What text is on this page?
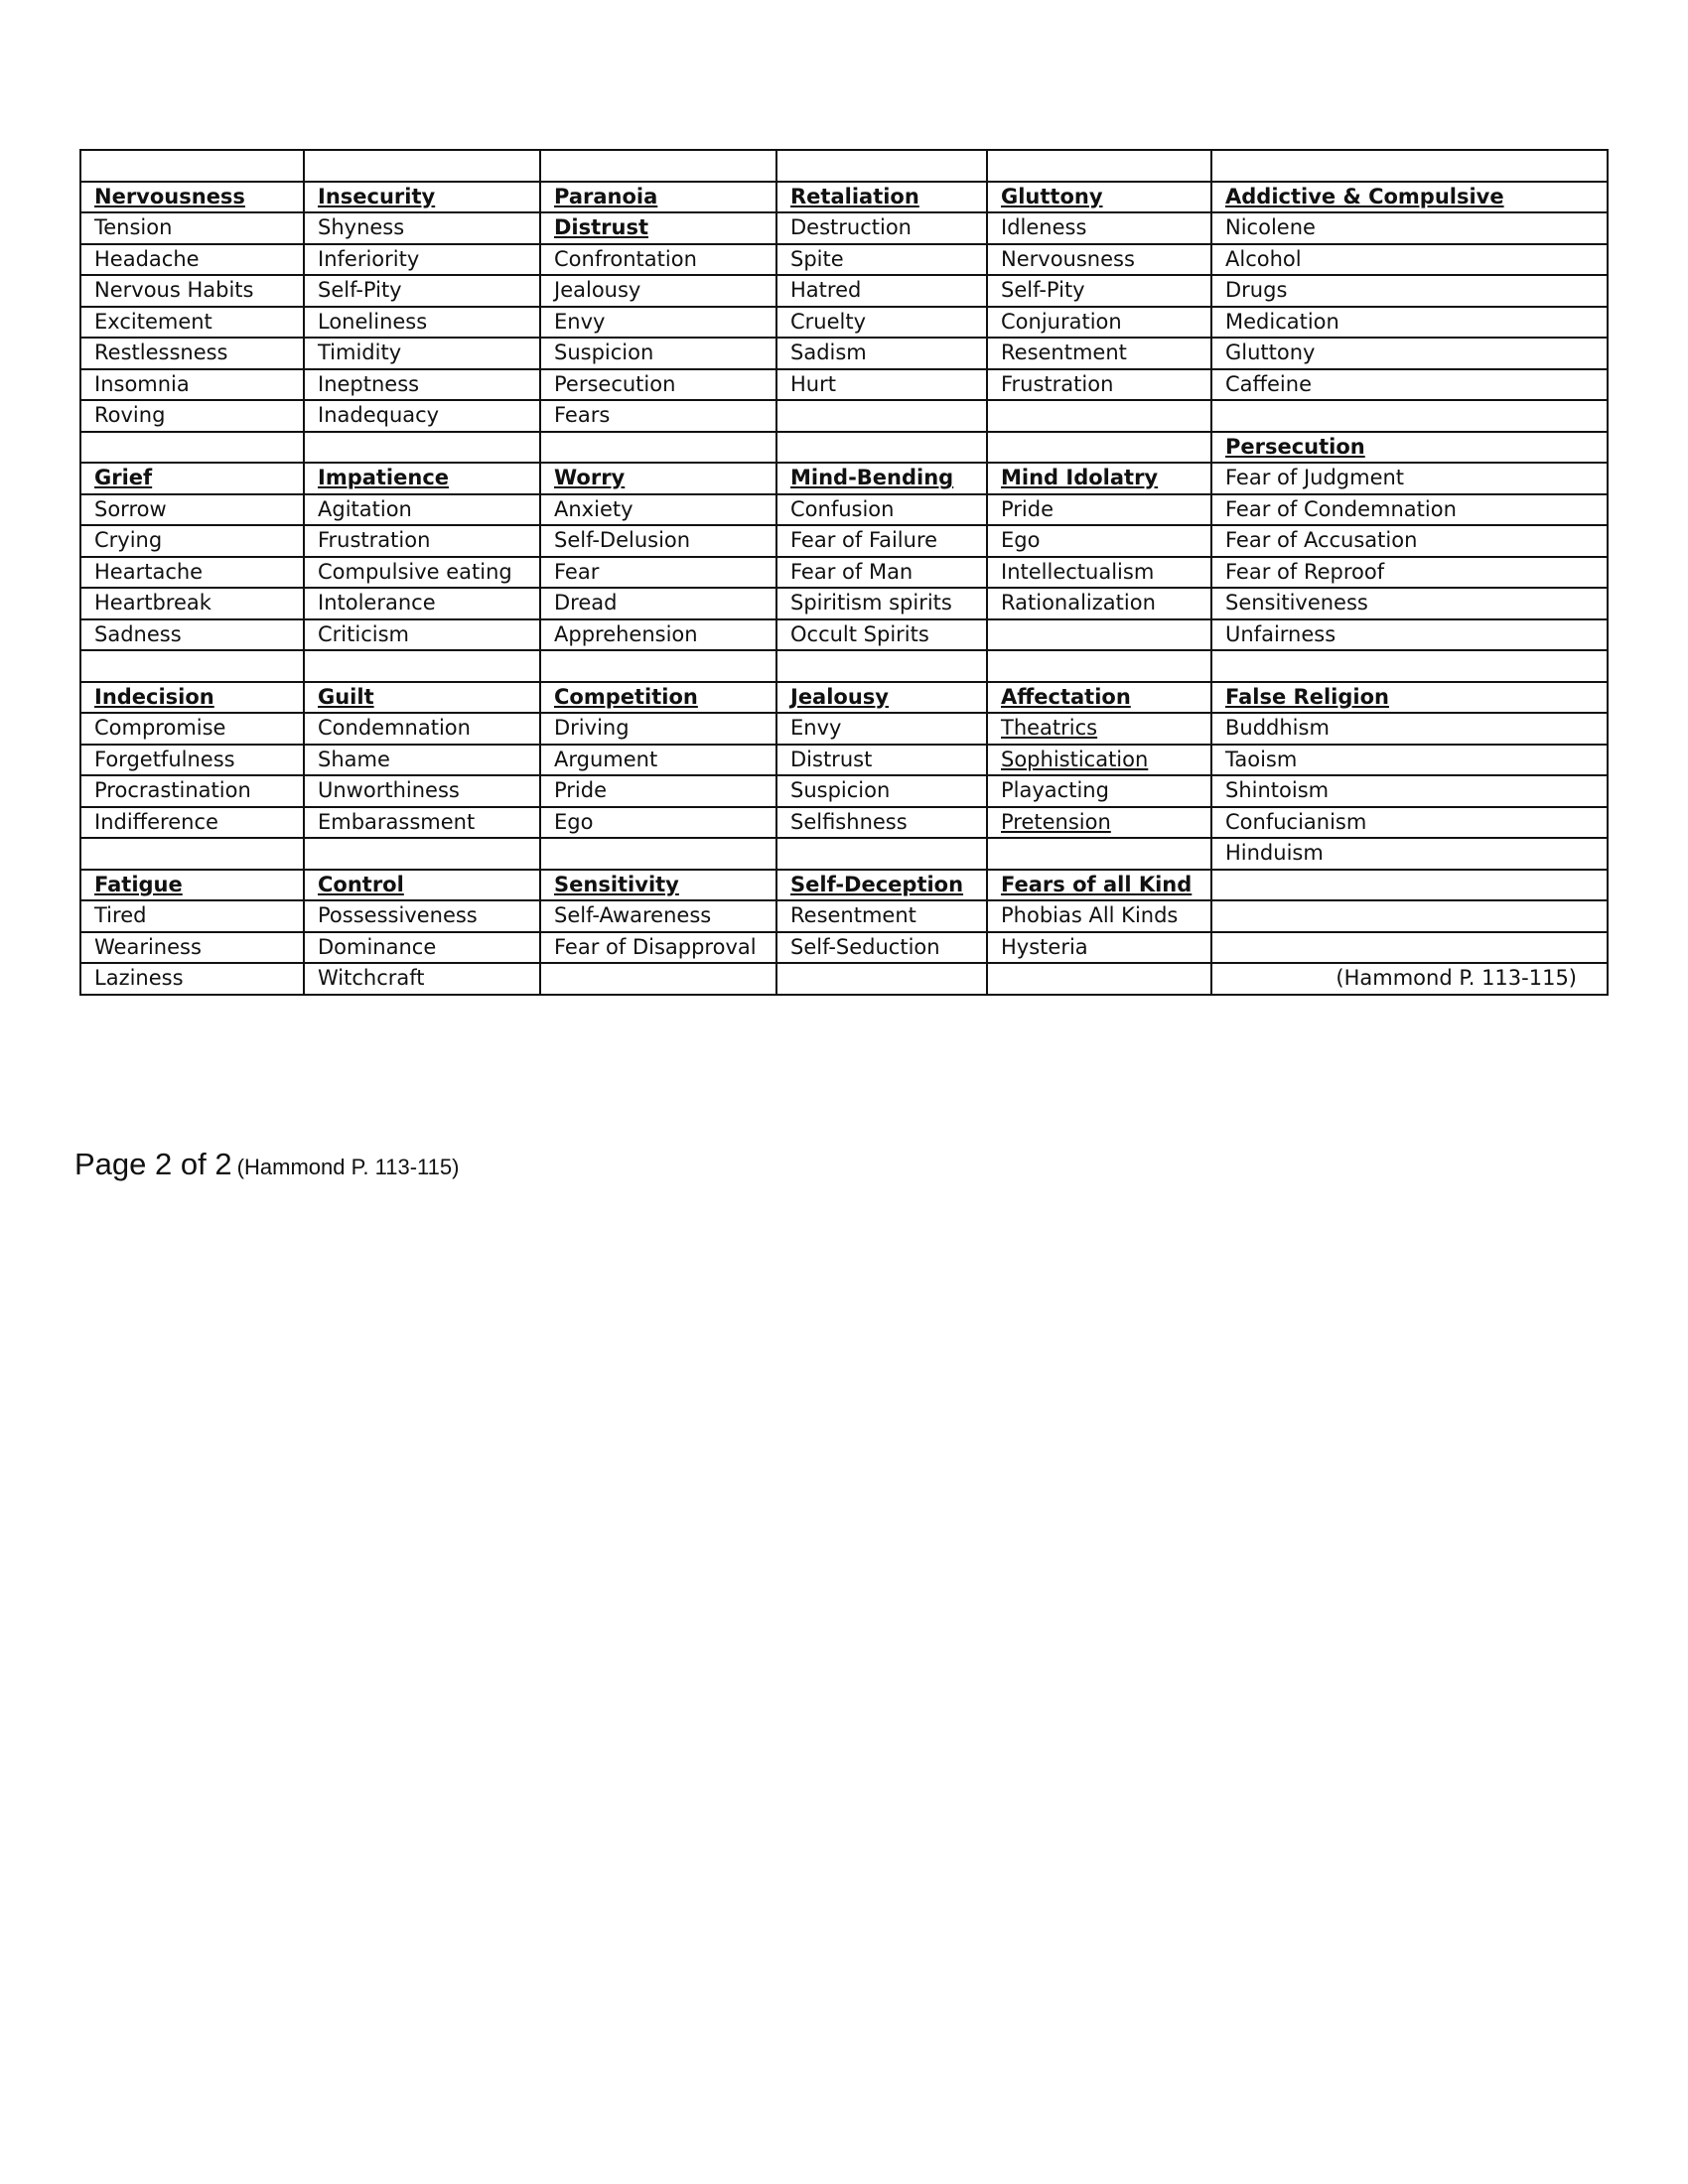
Nervousness	Insecurity	Paranoia	Retaliation	Gluttony	Addictive & Compulsive
Tension	Shyness	Distrust	Destruction	Idleness	Nicolene
Headache	Inferiority	Confrontation	Spite	Nervousness	Alcohol
Nervous Habits	Self-Pity	Jealousy	Hatred	Self-Pity	Drugs
Excitement	Loneliness	Envy	Cruelty	Conjuration	Medication
Restlessness	Timidity	Suspicion	Sadism	Resentment	Gluttony
Insomnia	Ineptness	Persecution	Hurt	Frustration	Caffeine
Roving	Inadequacy	Fears			
					Persecution
Grief	Impatience	Worry	Mind-Bending	Mind Idolatry	Fear of Judgment
Sorrow	Agitation	Anxiety	Confusion	Pride	Fear of Condemnation
Crying	Frustration	Self-Delusion	Fear of Failure	Ego	Fear of Accusation
Heartache	Compulsive eating	Fear	Fear of Man	Intellectualism	Fear of Reproof
Heartbreak	Intolerance	Dread	Spiritism spirits	Rationalization	Sensitiveness
Sadness	Criticism	Apprehension	Occult Spirits		Unfairness

Indecision	Guilt	Competition	Jealousy	Affectation	False Religion
Compromise	Condemnation	Driving	Envy	Theatrics	Buddhism
Forgetfulness	Shame	Argument	Distrust	Sophistication	Taoism
Procrastination	Unworthiness	Pride	Suspicion	Playacting	Shintoism
Indifference	Embarassment	Ego	Selfishness	Pretension	Confucianism
					Hinduism
Fatigue	Control	Sensitivity	Self-Deception	Fears of all Kind	
Tired	Possessiveness	Self-Awareness	Resentment	Phobias All Kinds	
Weariness	Dominance	Fear of Disapproval	Self-Seduction	Hysteria	
Laziness	Witchcraft				(Hammond P. 113-115)
Page 2 of 2 (Hammond P. 113-115)
